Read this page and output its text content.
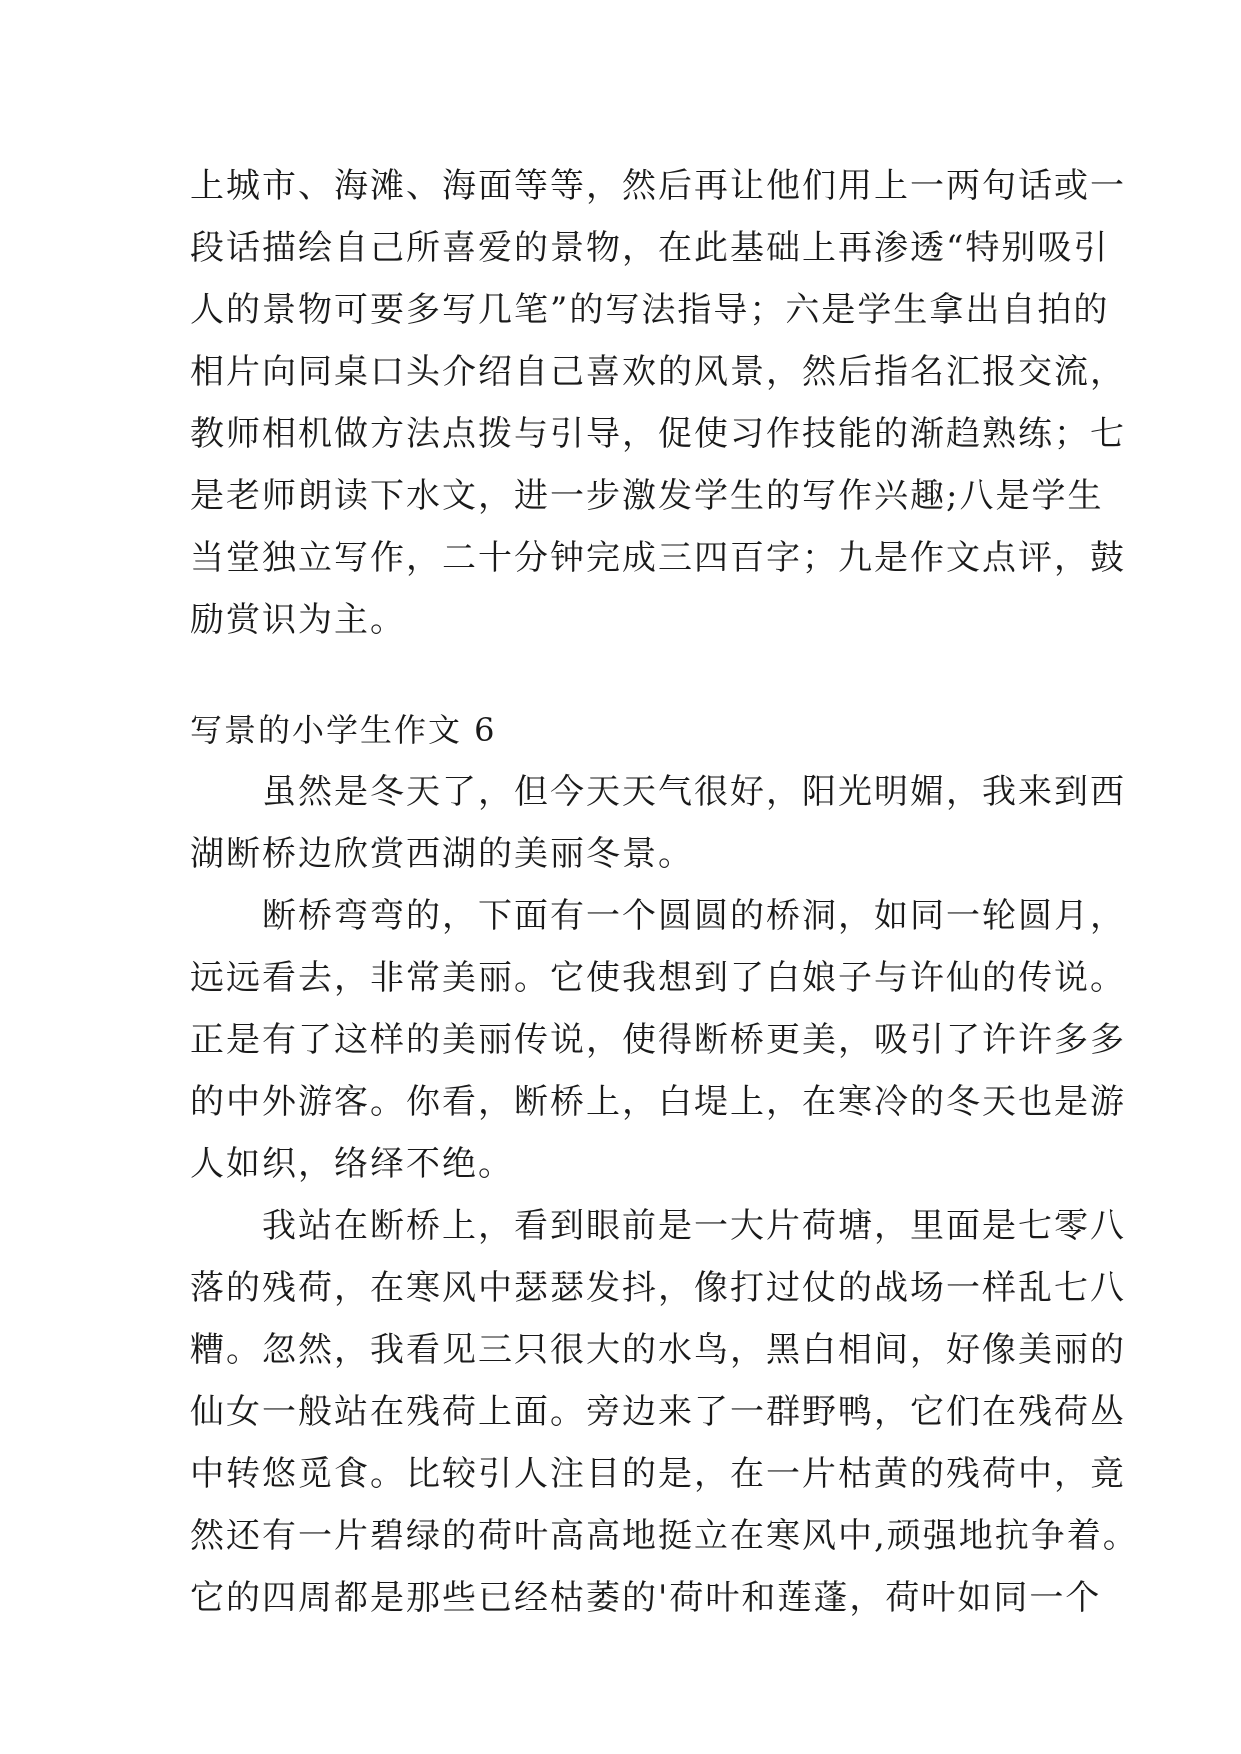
上城市、海滩、海面等等，然后再让他们用上一两句话或一
段话描绘自己所喜爱的景物，在此基础上再渗透“特别吸引
人的景物可要多写几笔”的写法指导；六是学生拿出自拍的
相片向同桌口头介绍自己喜欢的风景，然后指名汇报交流，
教师相机做方法点拨与引导，促使习作技能的渐趋熟练；七
是老师朗读下水文，进一步激发学生的写作兴趣;八是学生
当堂独立写作，二十分钟完成三四百字；九是作文点评，鼓
励赏识为主。
写景的小学生作文 6
　　虽然是冬天了，但今天天气很好，阳光明媚，我来到西
湖断桥边欣赏西湖的美丽冬景。
　　断桥弯弯的，下面有一个圆圆的桥洞，如同一轮圆月，
远远看去，非常美丽。它使我想到了白娘子与许仙的传说。
正是有了这样的美丽传说，使得断桥更美，吸引了许许多多
的中外游客。你看，断桥上，白堤上，在寒冷的冬天也是游
人如织，络绎不绝。
　　我站在断桥上，看到眼前是一大片荷塘，里面是七零八
落的残荷，在寒风中瑟瑟发抖，像打过仗的战场一样乱七八
糟。忽然，我看见三只很大的水鸟，黑白相间，好像美丽的
仙女一般站在残荷上面。旁边来了一群野鸭，它们在残荷丛
中转悠觅食。比较引人注目的是，在一片枯黄的残荷中，竟
然还有一片碧绿的荷叶高高地挺立在寒风中,顽强地抗争着。
它的四周都是那些已经枯萎的'荷叶和莲蓬，荷叶如同一个
